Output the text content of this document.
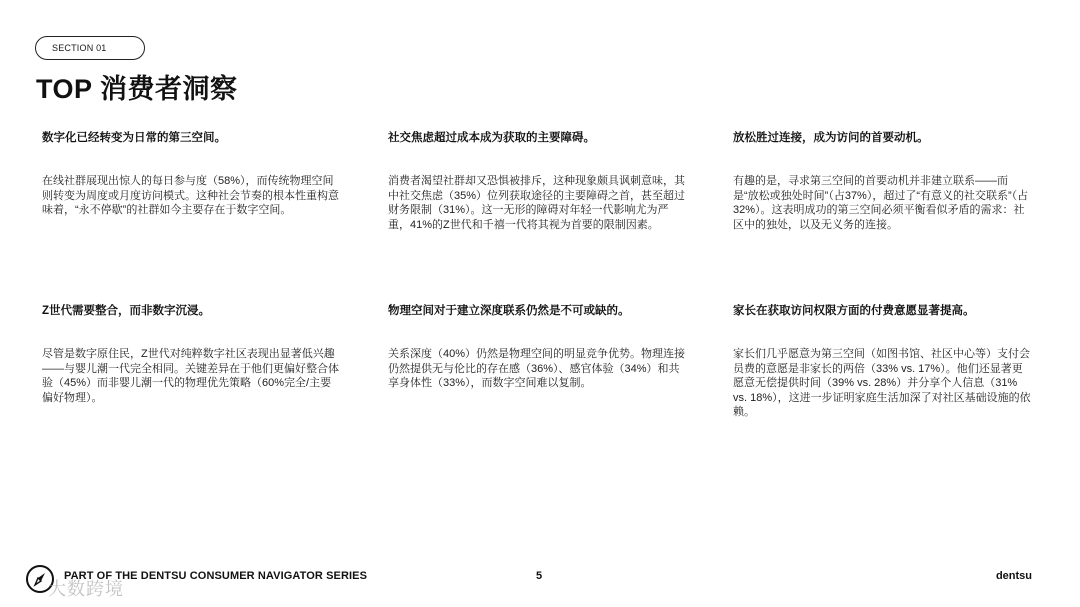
SECTION 01
TOP 消费者洞察
数字化已经转变为日常的第三空间。

在线社群展现出惊人的每日参与度（58%），而传统物理空间则转变为周度或月度访问模式。这种社会节奏的根本性重构意味着，“永不停歇”的社群如今主要存在于数字空间。

社交焦虑超过成本成为获取的主要障碍。

消费者渴望社群却又恐惧被排斥，这种现象颇具讽刺意味，其中社交焦虑（35%）位列获取途径的主要障碍之首，甚至超过财务限制（31%）。这一无形的障碍对年轻一代影响尤为严重，41%的Z世代和千禧一代将其视为首要的限制因素。

放松胜过连接，成为访问的首要动机。

有趣的是，寻求第三空间的首要动机并非建立联系——而是“放松或独处时间”（占37%），超过了“有意义的社交联系”（占32%）。这表明成功的第三空间必须平衡看似矛盾的需求：社区中的独处，以及无义务的连接。

Z世代需要整合，而非数字沉浸。

尽管是数字原住民，Z世代对纯粹数字社区表现出显著低兴趣——与婴儿潮一代完全相同。关键差异在于他们更偏好整合体验（45%）而非婴儿潮一代的物理优先策略（60%完全/主要偏好物理）。

物理空间对于建立深度联系仍然是不可或缺的。

关系深度（40%）仍然是物理空间的明显竞争优势。物理连接仍然提供无与伦比的存在感（36%）、感官体验（34%）和共享身体性（33%），而数字空间难以复制。

家长在获取访问权限方面的付费意愿显著提高。

家长们几乎愿意为第三空间（如图书馆、社区中心等）支付会员费的意愿是非家长的两倍（33% vs. 17%）。他们还显著更愿意无偿提供时间（39% vs. 28%）并分享个人信息（31% vs. 18%），这进一步证明家庭生活加深了对社区基础设施的依赖。

大数跨境
PART OF THE DENTSU CONSUMER NAVIGATOR SERIES	5	dentsu
